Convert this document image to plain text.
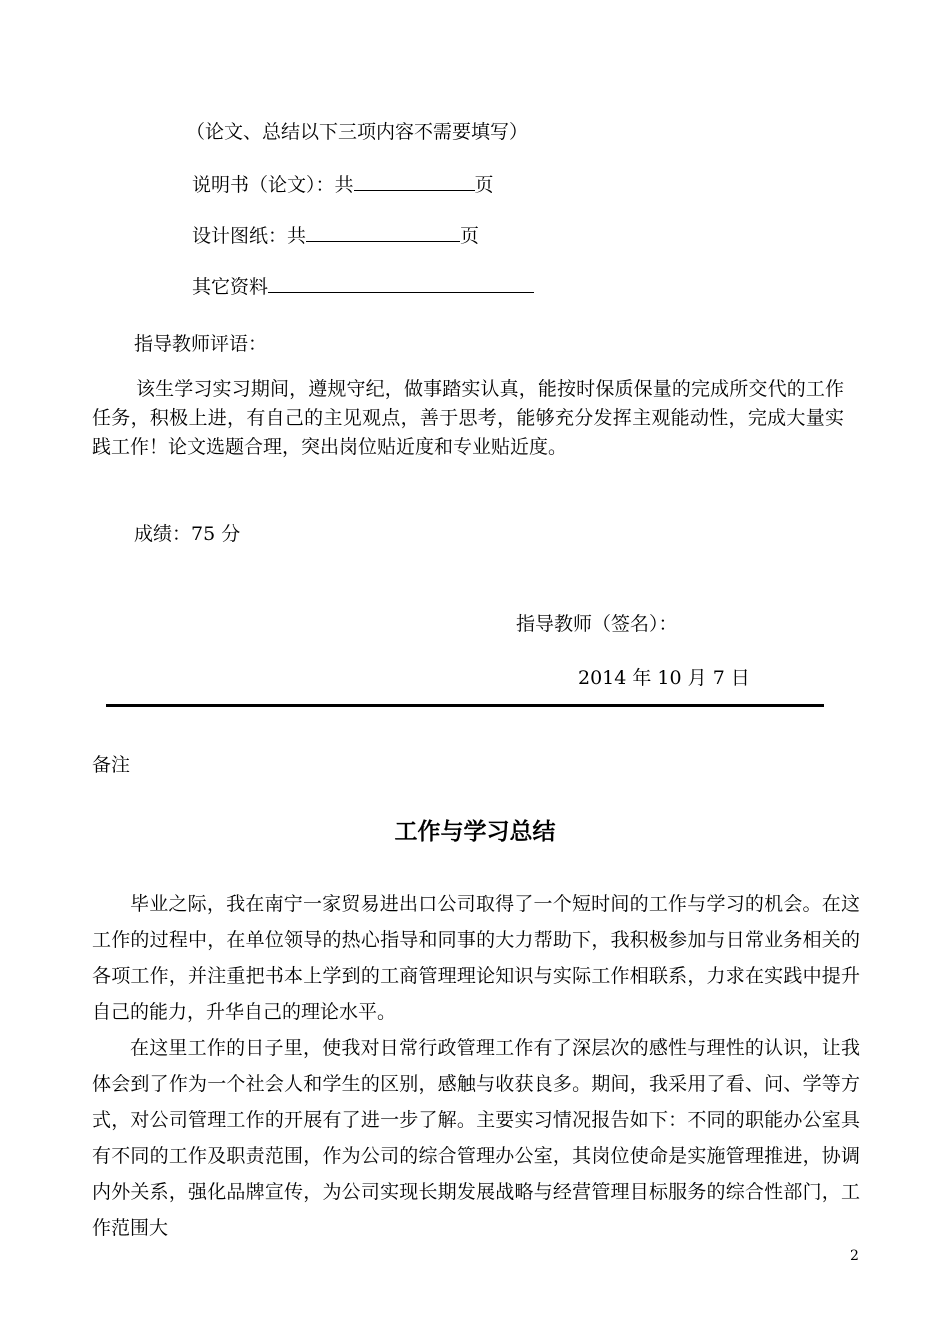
（论文、总结以下三项内容不需要填写）
说明书（论文）：共	页
设计图纸：共	页
其它资料
指导教师评语：
该生学习实习期间，遵规守纪，做事踏实认真，能按时保质保量的完成所交代的工作任务，积极上进，有自己的主见观点，善于思考，能够充分发挥主观能动性，完成大量实践工作！论文选题合理，突出岗位贴近度和专业贴近度。
成绩：75 分
指导教师（签名）：
2014 年 10 月 7 日
备注
工作与学习总结

毕业之际，我在南宁一家贸易进出口公司取得了一个短时间的工作与学习的机会。在这工作的过程中，在单位领导的热心指导和同事的大力帮助下，我积极参加与日常业务相关的各项工作，并注重把书本上学到的工商管理理论知识与实际工作相联系，力求在实践中提升自己的能力，升华自己的理论水平。

在这里工作的日子里，使我对日常行政管理工作有了深层次的感性与理性的认识，让我体会到了作为一个社会人和学生的区别，感触与收获良多。期间，我采用了看、问、学等方式，对公司管理工作的开展有了进一步了解。主要实习情况报告如下：不同的职能办公室具有不同的工作及职责范围，作为公司的综合管理办公室，其岗位使命是实施管理推进，协调内外关系，强化品牌宣传，为公司实现长期发展战略与经营管理目标服务的综合性部门，工作范围大

2
